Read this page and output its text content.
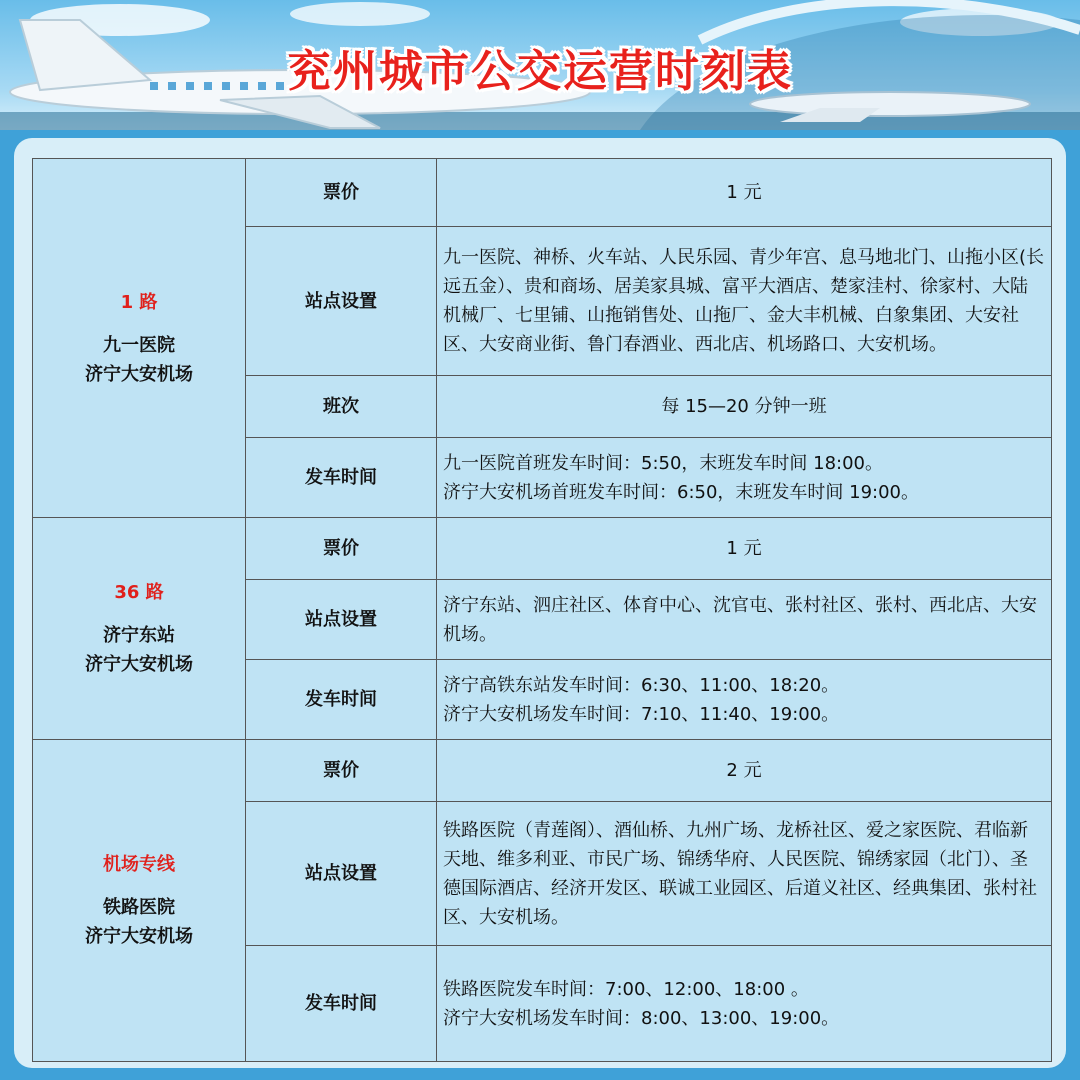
兖州城市公交运营时刻表
1 路
九一医院
济宁大安机场	票价	1 元
	站点设置	九一医院、神桥、火车站、人民乐园、青少年宫、息马地北门、山拖小区(长远五金）、贵和商场、居美家具城、富平大酒店、楚家洼村、徐家村、大陆机械厂、七里铺、山拖销售处、山拖厂、金大丰机械、白象集团、大安社区、大安商业街、鲁门春酒业、西北店、机场路口、大安机场。
	班次	每 15—20 分钟一班
	发车时间	九一医院首班发车时间：5:50，末班发车时间 18:00。
济宁大安机场首班发车时间：6:50，末班发车时间 19:00。

36 路
济宁东站
济宁大安机场	票价	1 元
	站点设置	济宁东站、泗庄社区、体育中心、沈官屯、张村社区、张村、西北店、大安机场。
	发车时间	济宁高铁东站发车时间：6:30、11:00、18:20。
济宁大安机场发车时间：7:10、11:40、19:00。

机场专线
铁路医院
济宁大安机场	票价	2 元
	站点设置	铁路医院（青莲阁）、酒仙桥、九州广场、龙桥社区、爱之家医院、君临新天地、维多利亚、市民广场、锦绣华府、人民医院、锦绣家园（北门）、圣德国际酒店、经济开发区、联诚工业园区、后道义社区、经典集团、张村社区、大安机场。
	发车时间	铁路医院发车时间：7:00、12:00、18:00 。
济宁大安机场发车时间：8:00、13:00、19:00。
